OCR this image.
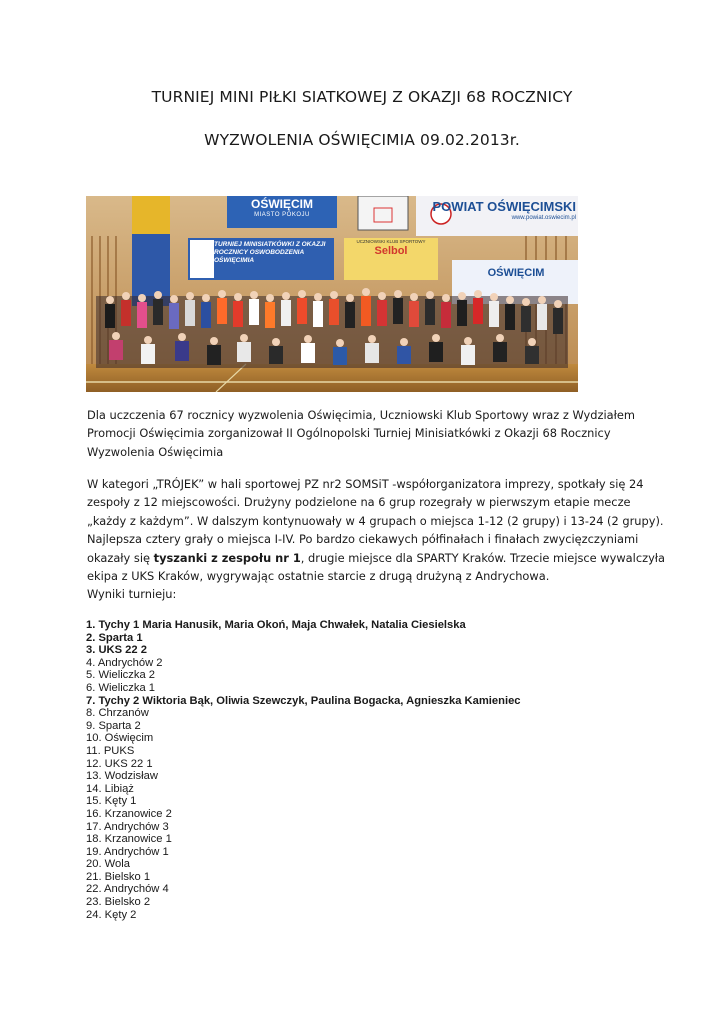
TURNIEJ MINI PIŁKI SIATKOWEJ Z OKAZJI 68 ROCZNICY
WYZWOLENIA OŚWIĘCIMIA 09.02.2013r.
OŚWIĘCIM
MIASTO POKOJU
POWIAT OŚWIĘCIMSKI
www.powiat.oswiecim.pl
TURNIEJ MINISIATKÓWKI Z OKAZJI ROCZNICY OSWOBODZENIA OŚWIĘCIMIA
UCZNIOWSKI KLUB SPORTOWY
Selbol
OŚWIĘCIM
Dla uczczenia 67 rocznicy wyzwolenia Oświęcimia, Uczniowski Klub Sportowy wraz z Wydziałem
Promocji Oświęcimia zorganizował II Ogólnopolski Turniej Minisiatkówki z Okazji 68 Rocznicy
Wyzwolenia Oświęcimia
W kategori „TRÓJEK” w hali sportowej PZ nr2 SOMSiT -współorganizatora imprezy, spotkały się 24
zespoły z 12 miejscowości. Drużyny podzielone na 6 grup rozegrały w pierwszym etapie mecze
„każdy z każdym”. W dalszym kontynuowały w 4 grupach o miejsca 1-12 (2 grupy) i 13-24 (2 grupy).
Najlepsza cztery grały o miejsca I-IV. Po bardzo ciekawych półfinałach i finałach zwycięzczyniami
okazały się tyszanki z zespołu nr 1, drugie miejsce dla SPARTY Kraków. Trzecie miejsce wywalczyła
ekipa z UKS Kraków, wygrywając ostatnie starcie z drugą drużyną z Andrychowa.
Wyniki turnieju:
1. Tychy 1 Maria Hanusik, Maria Okoń, Maja Chwałek, Natalia Ciesielska
2. Sparta 1
3. UKS 22 2
4. Andrychów 2
5. Wieliczka 2
6. Wieliczka 1
7. Tychy 2 Wiktoria Bąk, Oliwia Szewczyk, Paulina Bogacka, Agnieszka Kamieniec
8. Chrzanów
9. Sparta 2
10. Oświęcim
11. PUKS
12. UKS 22 1
13. Wodzisław
14. Libiąż
15. Kęty 1
16. Krzanowice 2
17. Andrychów 3
18. Krzanowice 1
19. Andrychów 1
20. Wola
21. Bielsko 1
22. Andrychów 4
23. Bielsko 2
24. Kęty 2
